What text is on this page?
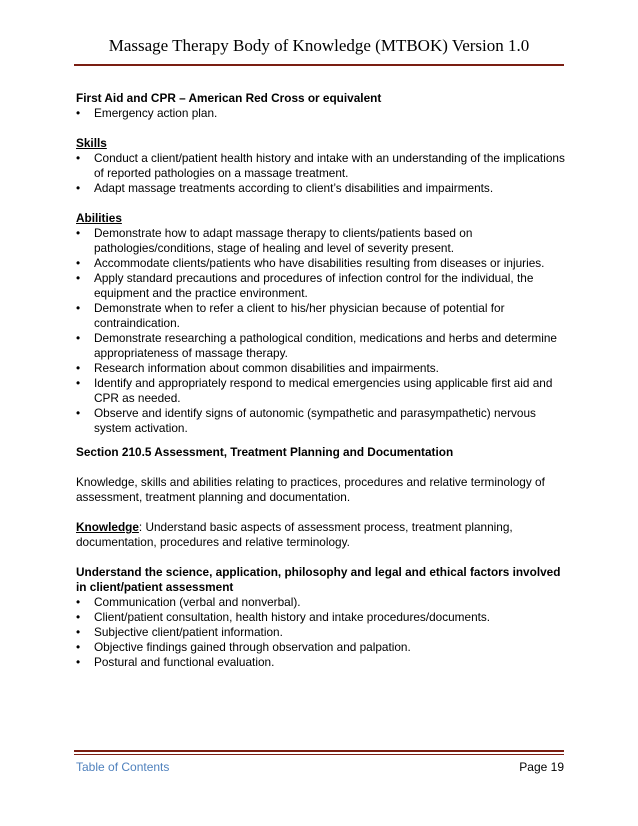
Massage Therapy Body of Knowledge (MTBOK) Version 1.0

First Aid and CPR – American Red Cross or equivalent

• Emergency action plan.

Skills

• Conduct a client/patient health history and intake with an understanding of the implications of reported pathologies on a massage treatment.
• Adapt massage treatments according to client’s disabilities and impairments.

Abilities

• Demonstrate how to adapt massage therapy to clients/patients based on pathologies/conditions, stage of healing and level of severity present.
• Accommodate clients/patients who have disabilities resulting from diseases or injuries.
• Apply standard precautions and procedures of infection control for the individual, the equipment and the practice environment.
• Demonstrate when to refer a client to his/her physician because of potential for contraindication.
• Demonstrate researching a pathological condition, medications and herbs and determine appropriateness of massage therapy.
• Research information about common disabilities and impairments.
• Identify and appropriately respond to medical emergencies using applicable first aid and CPR as needed.
• Observe and identify signs of autonomic (sympathetic and parasympathetic) nervous system activation.

Section 210.5 Assessment, Treatment Planning and Documentation

Knowledge, skills and abilities relating to practices, procedures and relative terminology of assessment, treatment planning and documentation.

Knowledge: Understand basic aspects of assessment process, treatment planning, documentation, procedures and relative terminology.

Understand the science, application, philosophy and legal and ethical factors involved in client/patient assessment

• Communication (verbal and nonverbal).
• Client/patient consultation, health history and intake procedures/documents.
• Subjective client/patient information.
• Objective findings gained through observation and palpation.
• Postural and functional evaluation.
Table of Contents	Page 19
